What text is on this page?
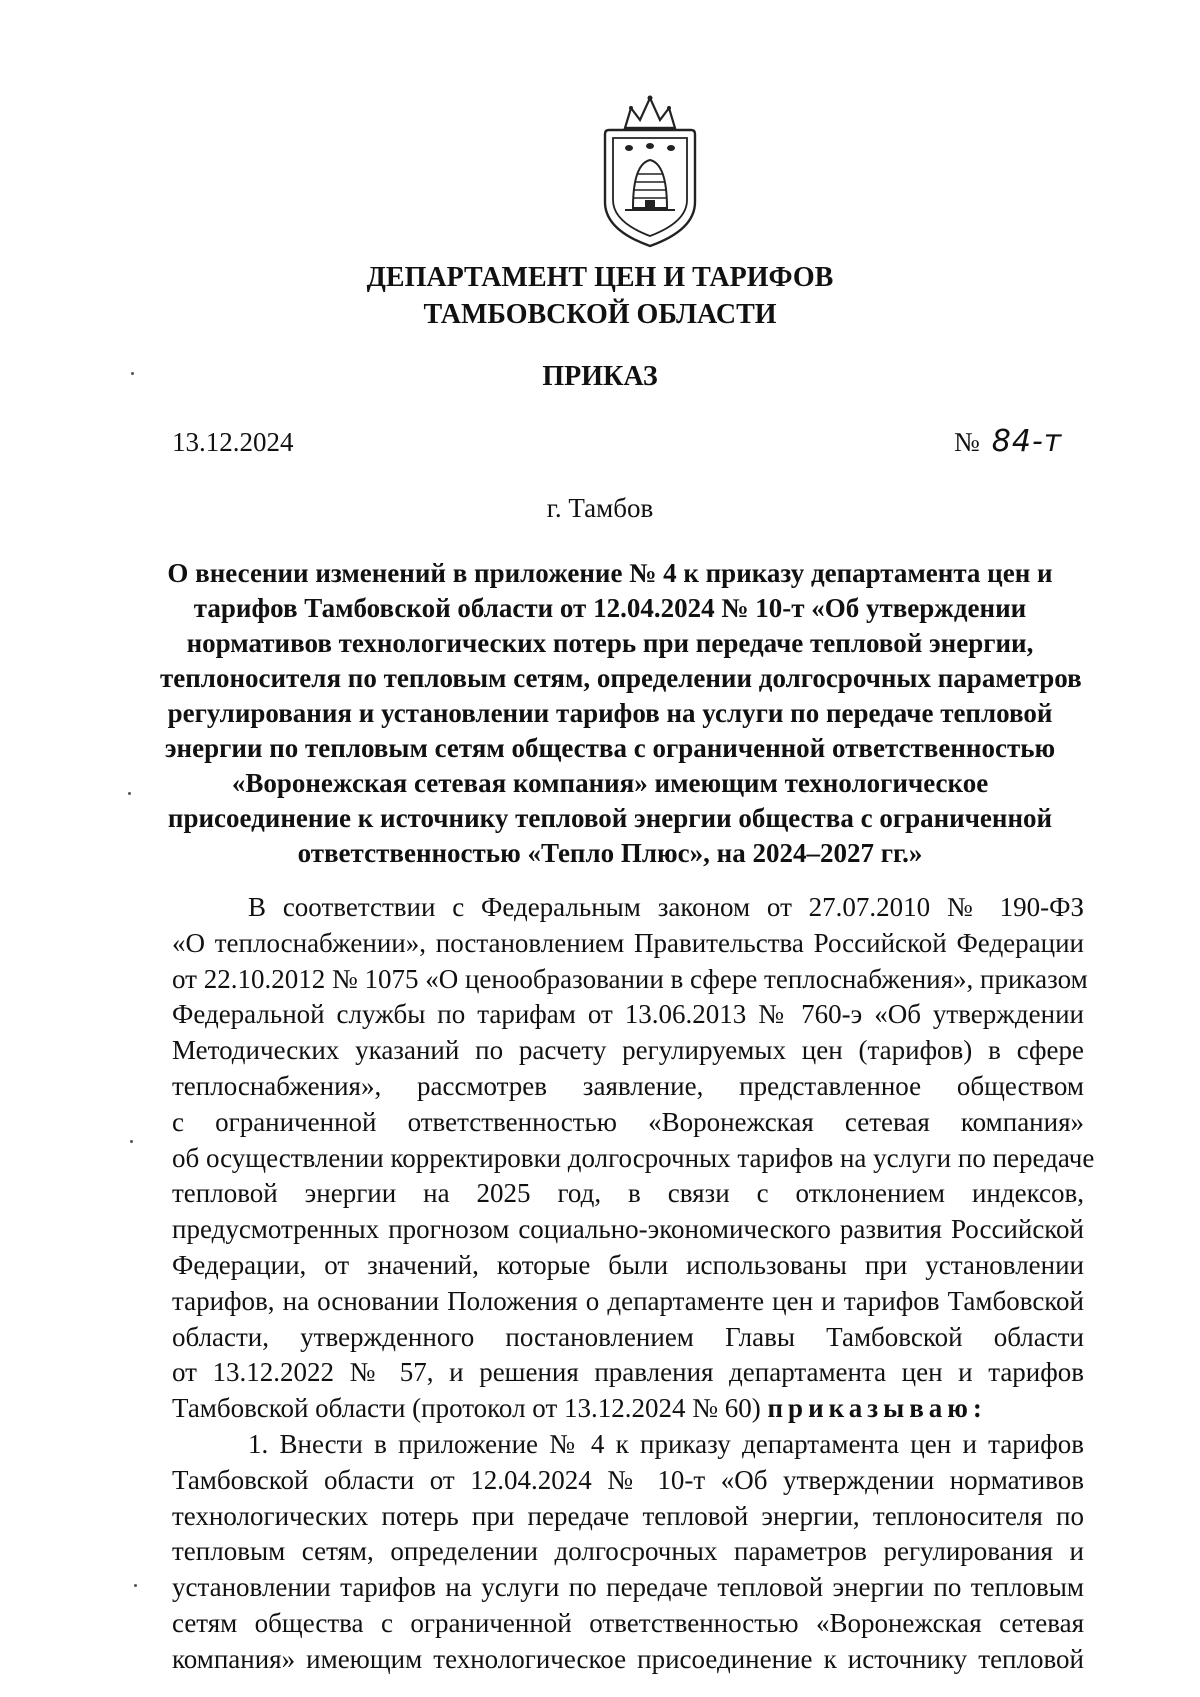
ДЕПАРТАМЕНТ ЦЕН И ТАРИФОВ
ТАМБОВСКОЙ ОБЛАСТИ
ПРИКАЗ
13.12.2024	№ 84-т
г. Тамбов
О внесении изменений в приложение № 4 к приказу департамента цен и
тарифов Тамбовской области от 12.04.2024 № 10-т «Об утверждении
нормативов технологических потерь при передаче тепловой энергии,
теплоносителя по тепловым сетям, определении долгосрочных параметров
регулирования и установлении тарифов на услуги по передаче тепловой
энергии по тепловым сетям общества с ограниченной ответственностью
«Воронежская сетевая компания» имеющим технологическое
присоединение к источнику тепловой энергии общества с ограниченной
ответственностью «Тепло Плюс», на 2024–2027 гг.»
В соответствии с Федеральным законом от 27.07.2010 № 190-ФЗ
«О теплоснабжении», постановлением Правительства Российской Федерации
от 22.10.2012 № 1075 «О ценообразовании в сфере теплоснабжения», приказом
Федеральной службы по тарифам от 13.06.2013 № 760-э «Об утверждении
Методических указаний по расчету регулируемых цен (тарифов) в сфере
теплоснабжения», рассмотрев заявление, представленное обществом
с ограниченной ответственностью «Воронежская сетевая компания»
об осуществлении корректировки долгосрочных тарифов на услуги по передаче
тепловой энергии на 2025 год, в связи с отклонением индексов,
предусмотренных прогнозом социально-экономического развития Российской
Федерации, от значений, которые были использованы при установлении
тарифов, на основании Положения о департаменте цен и тарифов Тамбовской
области, утвержденного постановлением Главы Тамбовской области
от 13.12.2022 № 57, и решения правления департамента цен и тарифов
Тамбовской области (протокол от 13.12.2024 № 60) приказываю:
1. Внести в приложение № 4 к приказу департамента цен и тарифов
Тамбовской области от 12.04.2024 № 10-т «Об утверждении нормативов
технологических потерь при передаче тепловой энергии, теплоносителя по
тепловым сетям, определении долгосрочных параметров регулирования и
установлении тарифов на услуги по передаче тепловой энергии по тепловым
сетям общества с ограниченной ответственностью «Воронежская сетевая
компания» имеющим технологическое присоединение к источнику тепловой
